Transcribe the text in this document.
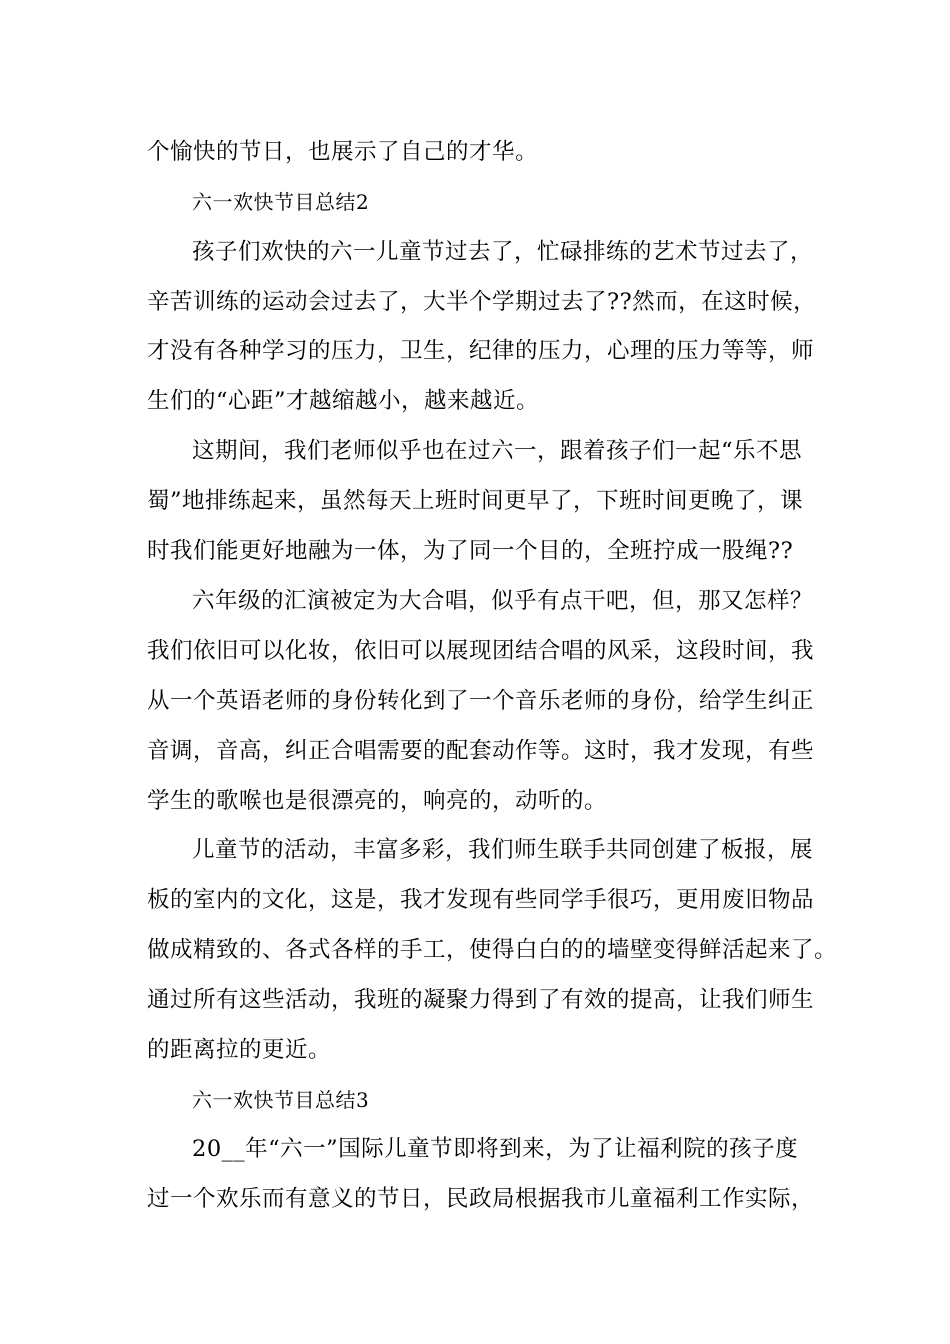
个愉快的节日，也展示了自己的才华。

六一欢快节目总结2

孩子们欢快的六一儿童节过去了，忙碌排练的艺术节过去了，

辛苦训练的运动会过去了，大半个学期过去了??然而，在这时候，

才没有各种学习的压力，卫生，纪律的压力，心理的压力等等，师

生们的“心距”才越缩越小，越来越近。

这期间，我们老师似乎也在过六一，跟着孩子们一起“乐不思

蜀”地排练起来，虽然每天上班时间更早了，下班时间更晚了，课

时我们能更好地融为一体，为了同一个目的，全班拧成一股绳??

六年级的汇演被定为大合唱，似乎有点干吧，但，那又怎样？

我们依旧可以化妆，依旧可以展现团结合唱的风采，这段时间，我

从一个英语老师的身份转化到了一个音乐老师的身份，给学生纠正

音调，音高，纠正合唱需要的配套动作等。这时，我才发现，有些

学生的歌喉也是很漂亮的，响亮的，动听的。

儿童节的活动，丰富多彩，我们师生联手共同创建了板报，展

板的室内的文化，这是，我才发现有些同学手很巧，更用废旧物品

做成精致的、各式各样的手工，使得白白的的墙壁变得鲜活起来了。

通过所有这些活动，我班的凝聚力得到了有效的提高，让我们师生

的距离拉的更近。

六一欢快节目总结3

20__年“六一”国际儿童节即将到来，为了让福利院的孩子度

过一个欢乐而有意义的节日，民政局根据我市儿童福利工作实际，
